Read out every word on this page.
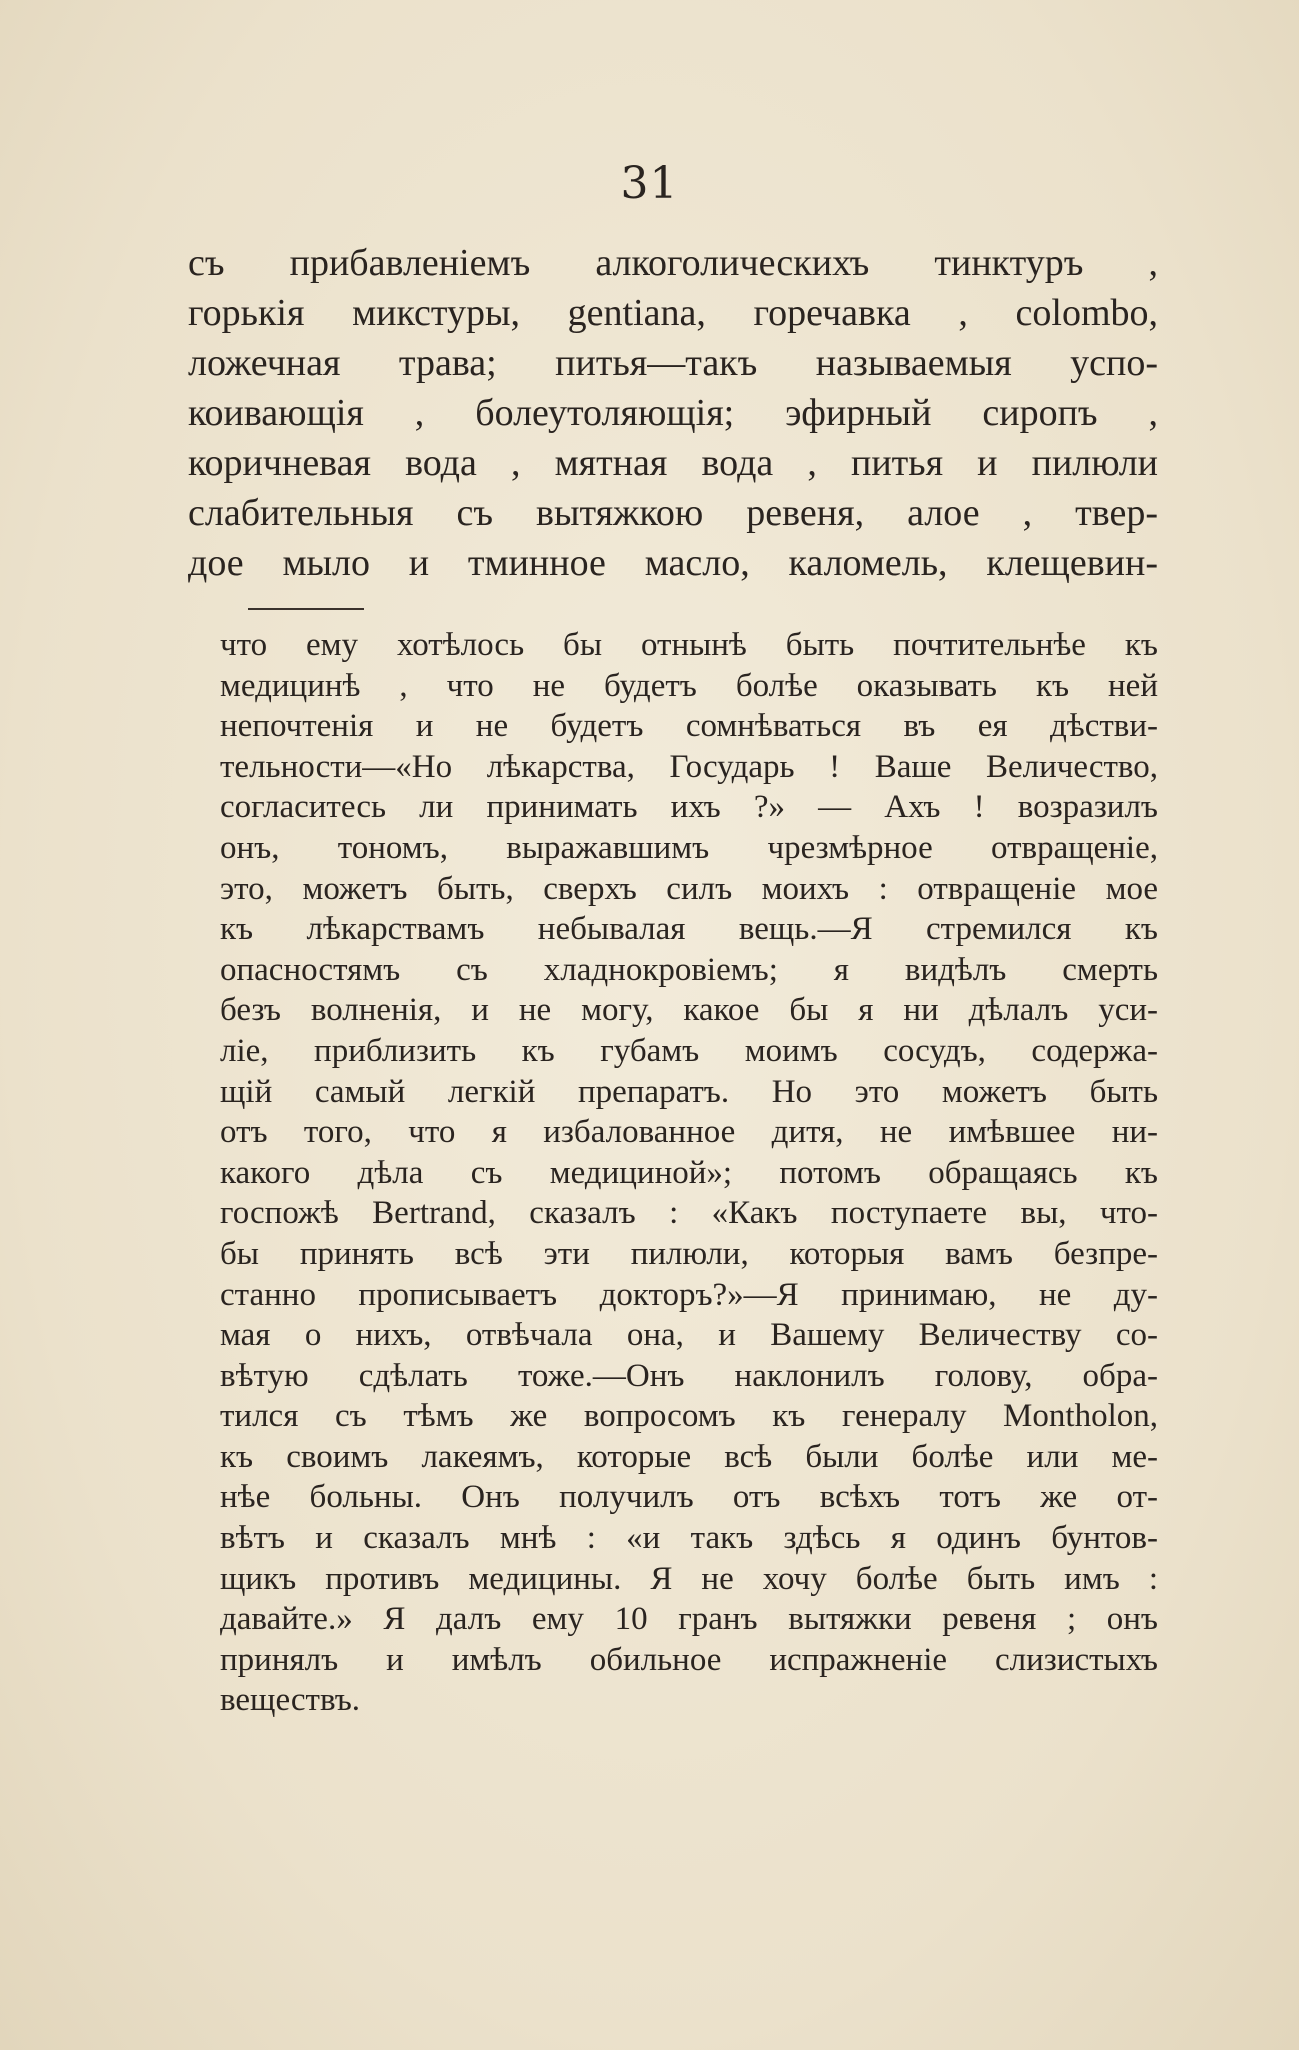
31
съ прибавленіемъ алкоголическихъ тинктуръ ,
горькія микстуры, gentiana, горечавка , colombo,
ложечная трава; питья—такъ называемыя успо-
коивающія , болеутоляющія; эфирный сиропъ ,
коричневая вода , мятная вода , питья и пилюли
слабительныя съ вытяжкою ревеня, алое , твер-
дое мыло и тминное масло, каломель, клещевин-
что ему хотѣлось бы отнынѣ быть почтительнѣе къ
медицинѣ , что не будетъ болѣе оказывать къ ней
непочтенія и не будетъ сомнѣваться въ ея дѣстви-
тельности—«Но лѣкарства, Государь ! Ваше Величество,
согласитесь ли принимать ихъ ?» — Ахъ ! возразилъ
онъ, тономъ, выражавшимъ чрезмѣрное отвращеніе,
это, можетъ быть, сверхъ силъ моихъ : отвращеніе мое
къ лѣкарствамъ небывалая вещь.—Я стремился къ
опасностямъ съ хладнокровіемъ; я видѣлъ смерть
безъ волненія, и не могу, какое бы я ни дѣлалъ уси-
ліе, приблизить къ губамъ моимъ сосудъ, содержа-
щій самый легкій препаратъ. Но это можетъ быть
отъ того, что я избалованное дитя, не имѣвшее ни-
какого дѣла съ медициной»; потомъ обращаясь къ
госпожѣ Bertrand, сказалъ : «Какъ поступаете вы, что-
бы принять всѣ эти пилюли, которыя вамъ безпре-
станно прописываетъ докторъ?»—Я принимаю, не ду-
мая о нихъ, отвѣчала она, и Вашему Величеству со-
вѣтую сдѣлать тоже.—Онъ наклонилъ голову, обра-
тился съ тѣмъ же вопросомъ къ генералу Montholon,
къ своимъ лакеямъ, которые всѣ были болѣе или ме-
нѣе больны. Онъ получилъ отъ всѣхъ тотъ же от-
вѣтъ и сказалъ мнѣ : «и такъ здѣсь я одинъ бунтов-
щикъ противъ медицины. Я не хочу болѣе быть имъ :
давайте.» Я далъ ему 10 гранъ вытяжки ревеня ; онъ
принялъ и имѣлъ обильное испражненіе слизистыхъ
веществъ.
